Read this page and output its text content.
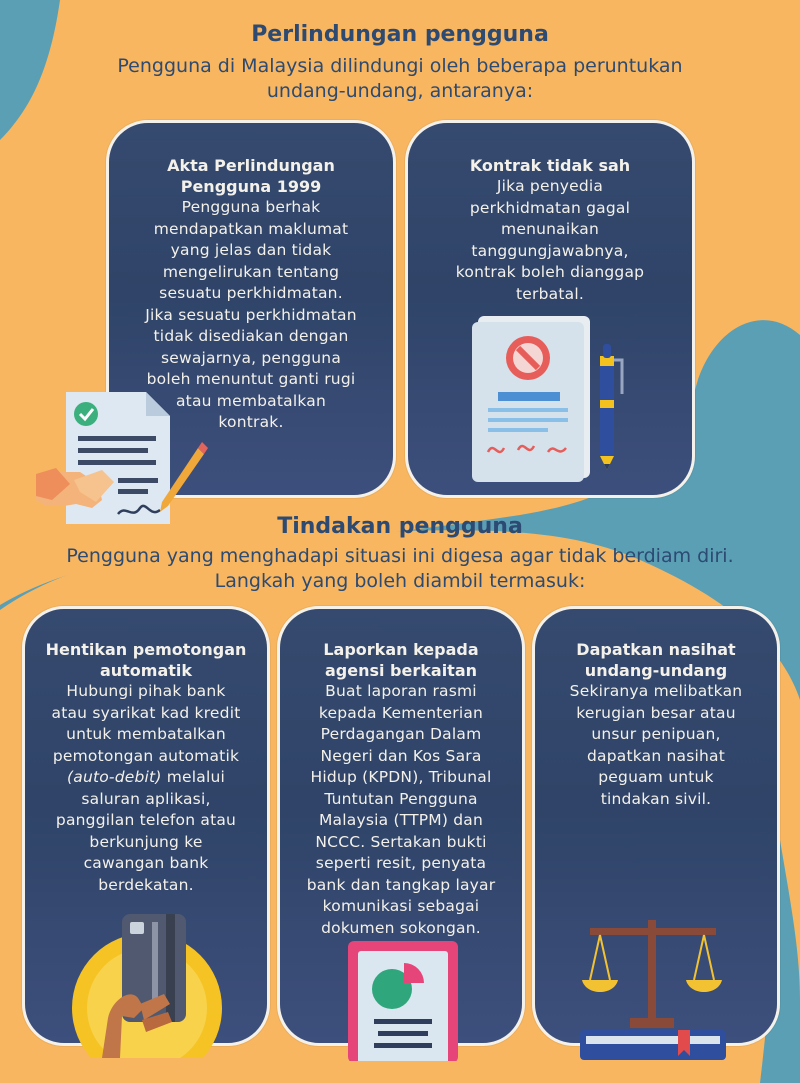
Perlindungan pengguna
Pengguna di Malaysia dilindungi oleh beberapa peruntukan
undang-undang, antaranya:
Akta Perlindungan
Pengguna 1999
Pengguna berhak
mendapatkan maklumat
yang jelas dan tidak
mengelirukan tentang
sesuatu perkhidmatan.
Jika sesuatu perkhidmatan
tidak disediakan dengan
sewajarnya, pengguna
boleh menuntut ganti rugi
atau membatalkan
kontrak.
Kontrak tidak sah
Jika penyedia
perkhidmatan gagal
menunaikan
tanggungjawabnya,
kontrak boleh dianggap
terbatal.
Tindakan pengguna
Pengguna yang menghadapi situasi ini digesa agar tidak berdiam diri.
Langkah yang boleh diambil termasuk:
Hentikan pemotongan
automatik
Hubungi pihak bank
atau syarikat kad kredit
untuk membatalkan
pemotongan automatik
(auto-debit) melalui
saluran aplikasi,
panggilan telefon atau
berkunjung ke
cawangan bank
berdekatan.
Laporkan kepada
agensi berkaitan
Buat laporan rasmi
kepada Kementerian
Perdagangan Dalam
Negeri dan Kos Sara
Hidup (KPDN), Tribunal
Tuntutan Pengguna
Malaysia (TTPM) dan
NCCC. Sertakan bukti
seperti resit, penyata
bank dan tangkap layar
komunikasi sebagai
dokumen sokongan.
Dapatkan nasihat
undang-undang
Sekiranya melibatkan
kerugian besar atau
unsur penipuan,
dapatkan nasihat
peguam untuk
tindakan sivil.
